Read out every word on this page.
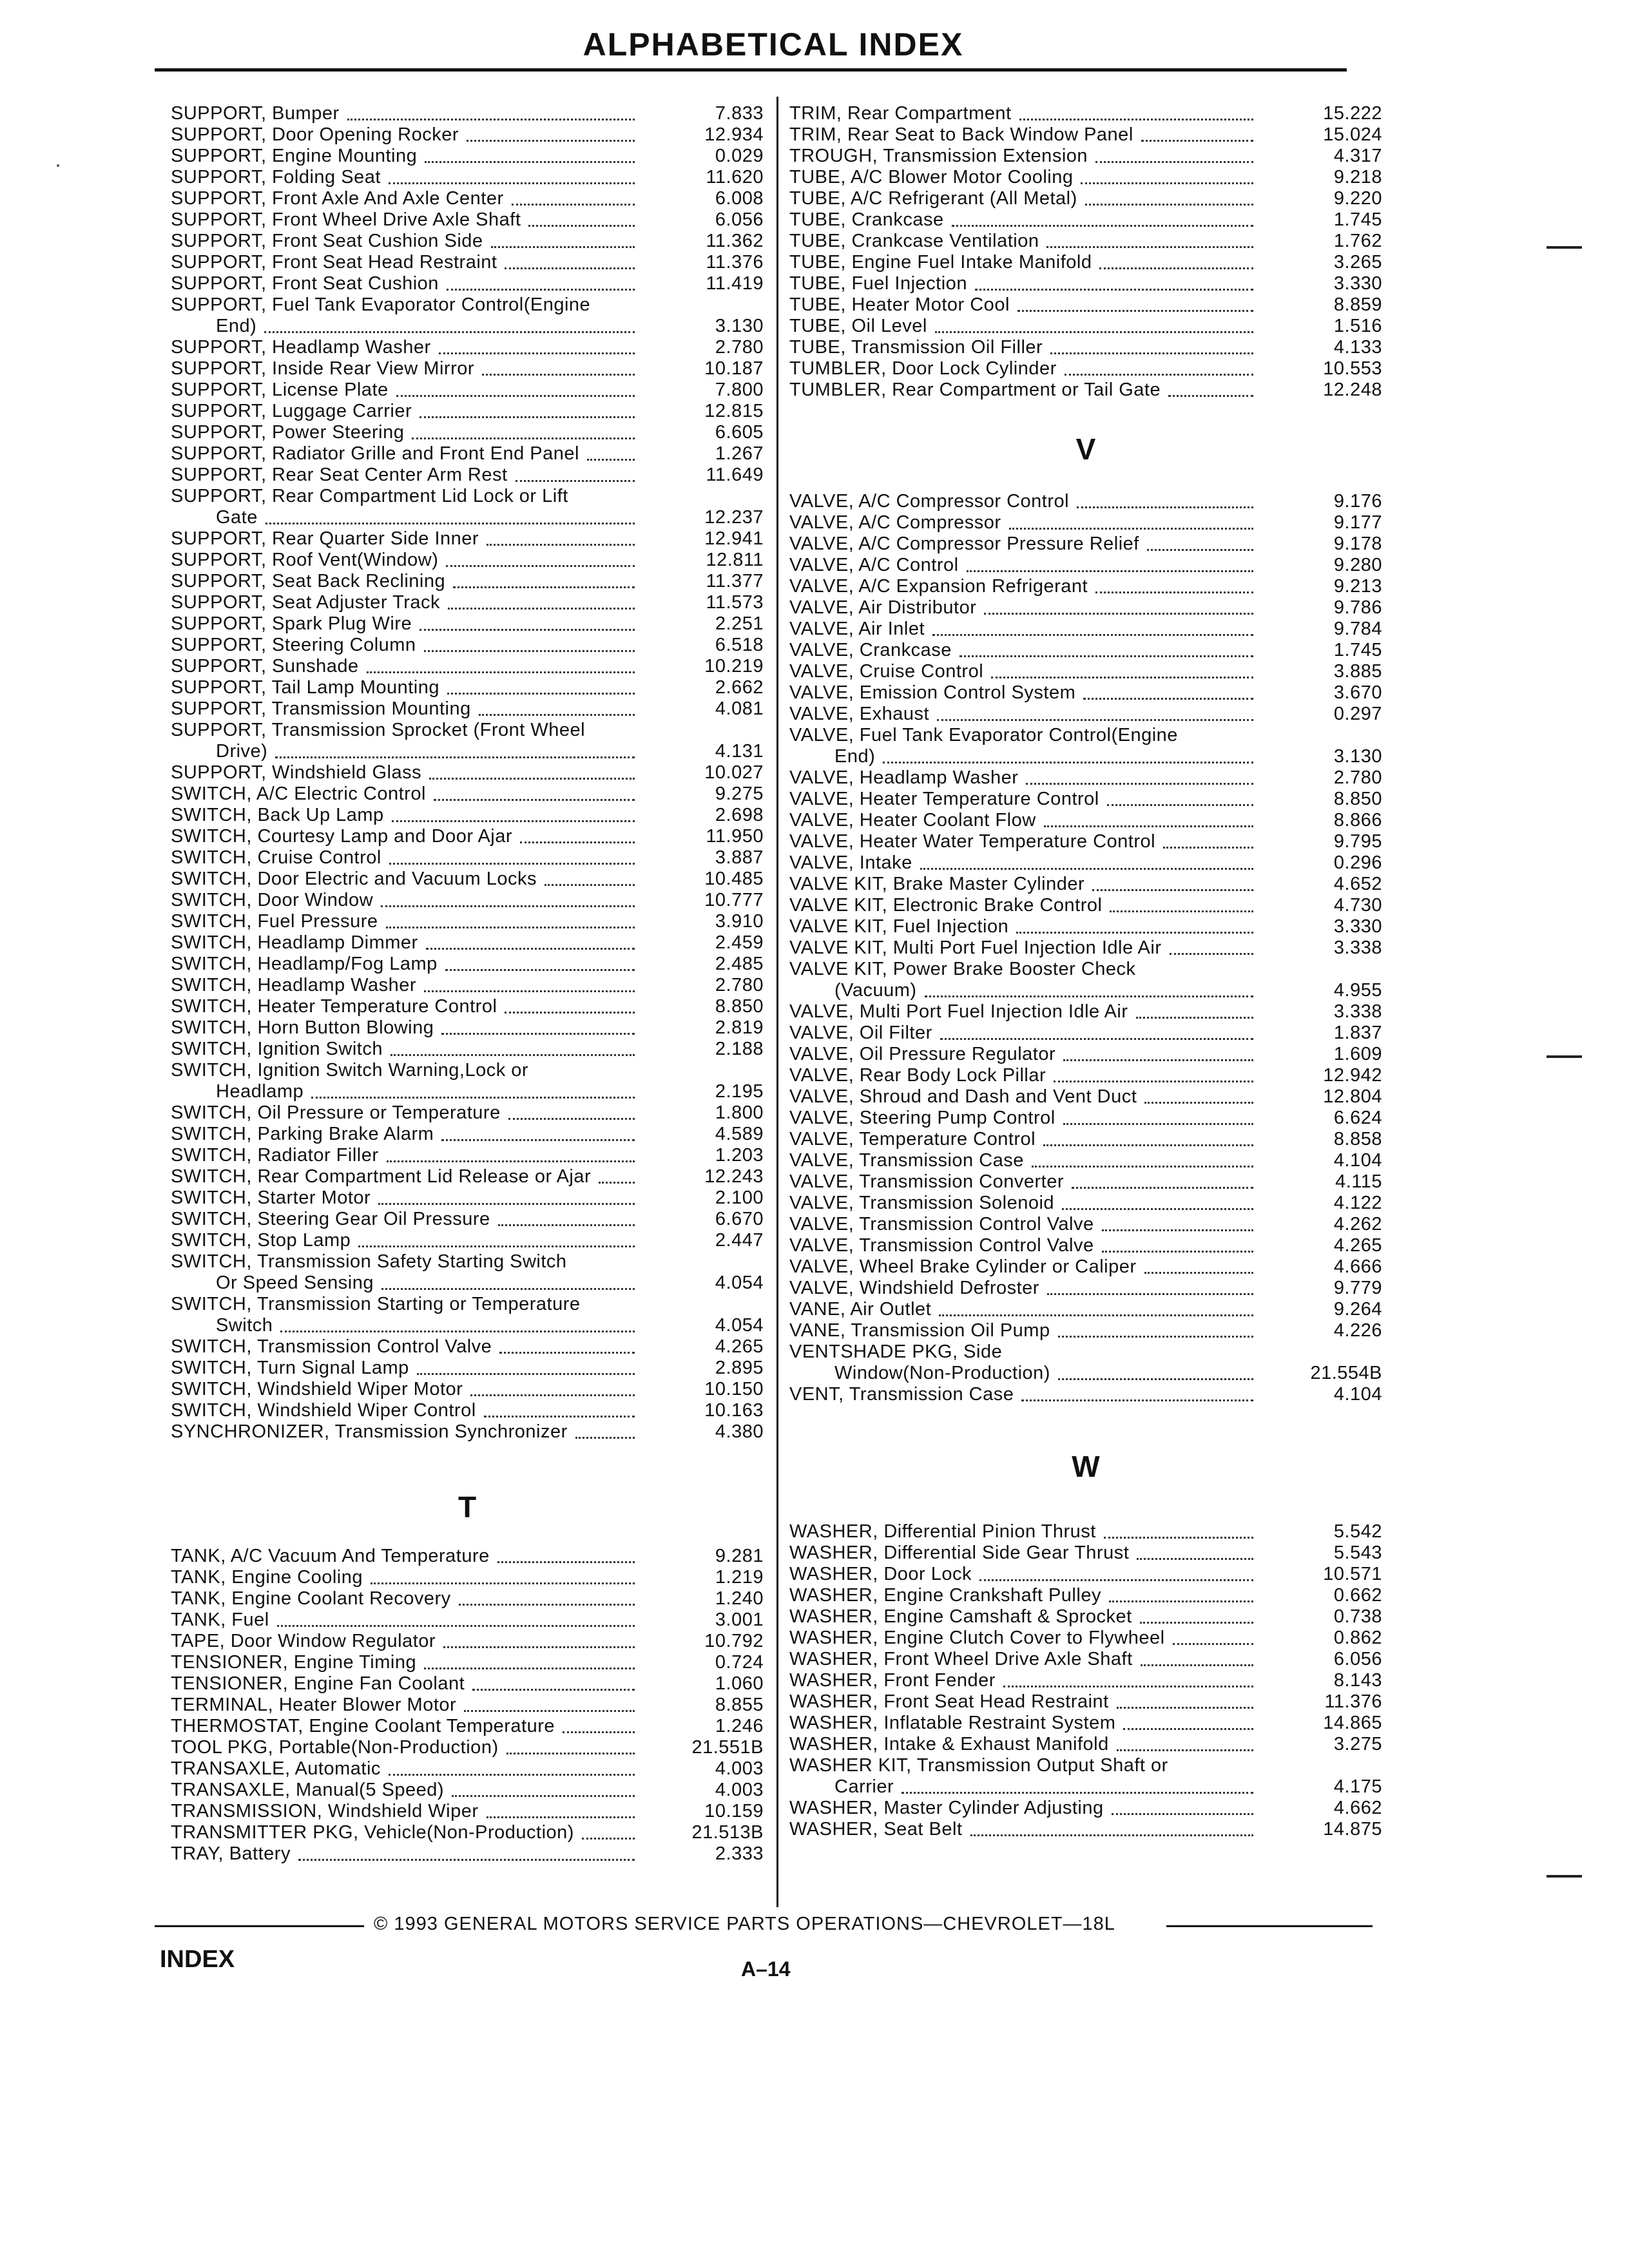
ALPHABETICAL INDEX
SUPPORT, Bumper	7.833
SUPPORT, Door Opening Rocker	12.934
SUPPORT, Engine Mounting	0.029
SUPPORT, Folding Seat	11.620
SUPPORT, Front Axle And Axle Center	6.008
SUPPORT, Front Wheel Drive Axle Shaft	6.056
SUPPORT, Front Seat Cushion Side	11.362
SUPPORT, Front Seat Head Restraint	11.376
SUPPORT, Front Seat Cushion	11.419
SUPPORT, Fuel Tank Evaporator Control(Engine
End)	3.130
SUPPORT, Headlamp Washer	2.780
SUPPORT, Inside Rear View Mirror	10.187
SUPPORT, License Plate	7.800
SUPPORT, Luggage Carrier	12.815
SUPPORT, Power Steering	6.605
SUPPORT, Radiator Grille and Front End Panel	1.267
SUPPORT, Rear Seat Center Arm Rest	11.649
SUPPORT, Rear Compartment Lid Lock or Lift
Gate	12.237
SUPPORT, Rear Quarter Side Inner	12.941
SUPPORT, Roof Vent(Window)	12.811
SUPPORT, Seat Back Reclining	11.377
SUPPORT, Seat Adjuster Track	11.573
SUPPORT, Spark Plug Wire	2.251
SUPPORT, Steering Column	6.518
SUPPORT, Sunshade	10.219
SUPPORT, Tail Lamp Mounting	2.662
SUPPORT, Transmission Mounting	4.081
SUPPORT, Transmission Sprocket (Front Wheel
Drive)	4.131
SUPPORT, Windshield Glass	10.027
SWITCH, A/C Electric Control	9.275
SWITCH, Back Up Lamp	2.698
SWITCH, Courtesy Lamp and Door Ajar	11.950
SWITCH, Cruise Control	3.887
SWITCH, Door Electric and Vacuum Locks	10.485
SWITCH, Door Window	10.777
SWITCH, Fuel Pressure	3.910
SWITCH, Headlamp Dimmer	2.459
SWITCH, Headlamp/Fog Lamp	2.485
SWITCH, Headlamp Washer	2.780
SWITCH, Heater Temperature Control	8.850
SWITCH, Horn Button Blowing	2.819
SWITCH, Ignition Switch	2.188
SWITCH, Ignition Switch Warning,Lock or
Headlamp	2.195
SWITCH, Oil Pressure or Temperature	1.800
SWITCH, Parking Brake Alarm	4.589
SWITCH, Radiator Filler	1.203
SWITCH, Rear Compartment Lid Release or Ajar	12.243
SWITCH, Starter Motor	2.100
SWITCH, Steering Gear Oil Pressure	6.670
SWITCH, Stop Lamp	2.447
SWITCH, Transmission Safety Starting Switch
Or Speed Sensing	4.054
SWITCH, Transmission Starting or Temperature
Switch	4.054
SWITCH, Transmission Control Valve	4.265
SWITCH, Turn Signal Lamp	2.895
SWITCH, Windshield Wiper Motor	10.150
SWITCH, Windshield Wiper Control	10.163
SYNCHRONIZER, Transmission Synchronizer	4.380
T
TANK, A/C Vacuum And Temperature	9.281
TANK, Engine Cooling	1.219
TANK, Engine Coolant Recovery	1.240
TANK, Fuel	3.001
TAPE, Door Window Regulator	10.792
TENSIONER, Engine Timing	0.724
TENSIONER, Engine Fan Coolant	1.060
TERMINAL, Heater Blower Motor	8.855
THERMOSTAT, Engine Coolant Temperature	1.246
TOOL PKG, Portable(Non-Production)	21.551B
TRANSAXLE, Automatic	4.003
TRANSAXLE, Manual(5 Speed)	4.003
TRANSMISSION, Windshield Wiper	10.159
TRANSMITTER PKG, Vehicle(Non-Production)	21.513B
TRAY, Battery	2.333
TRIM, Rear Compartment	15.222
TRIM, Rear Seat to Back Window Panel	15.024
TROUGH, Transmission Extension	4.317
TUBE, A/C Blower Motor Cooling	9.218
TUBE, A/C Refrigerant (All Metal)	9.220
TUBE, Crankcase	1.745
TUBE, Crankcase Ventilation	1.762
TUBE, Engine Fuel Intake Manifold	3.265
TUBE, Fuel Injection	3.330
TUBE, Heater Motor Cool	8.859
TUBE, Oil Level	1.516
TUBE, Transmission Oil Filler	4.133
TUMBLER, Door Lock Cylinder	10.553
TUMBLER, Rear Compartment or Tail Gate	12.248
V
VALVE, A/C Compressor Control	9.176
VALVE, A/C Compressor	9.177
VALVE, A/C Compressor Pressure Relief	9.178
VALVE, A/C Control	9.280
VALVE, A/C Expansion Refrigerant	9.213
VALVE, Air Distributor	9.786
VALVE, Air Inlet	9.784
VALVE, Crankcase	1.745
VALVE, Cruise Control	3.885
VALVE, Emission Control System	3.670
VALVE, Exhaust	0.297
VALVE, Fuel Tank Evaporator Control(Engine
End)	3.130
VALVE, Headlamp Washer	2.780
VALVE, Heater Temperature Control	8.850
VALVE, Heater Coolant Flow	8.866
VALVE, Heater Water Temperature Control	9.795
VALVE, Intake	0.296
VALVE KIT, Brake Master Cylinder	4.652
VALVE KIT, Electronic Brake Control	4.730
VALVE KIT, Fuel Injection	3.330
VALVE KIT, Multi Port Fuel Injection Idle Air	3.338
VALVE KIT, Power Brake Booster Check
(Vacuum)	4.955
VALVE, Multi Port Fuel Injection Idle Air	3.338
VALVE, Oil Filter	1.837
VALVE, Oil Pressure Regulator	1.609
VALVE, Rear Body Lock Pillar	12.942
VALVE, Shroud and Dash and Vent Duct	12.804
VALVE, Steering Pump Control	6.624
VALVE, Temperature Control	8.858
VALVE, Transmission Case	4.104
VALVE, Transmission Converter	4.115
VALVE, Transmission Solenoid	4.122
VALVE, Transmission Control Valve	4.262
VALVE, Transmission Control Valve	4.265
VALVE, Wheel Brake Cylinder or Caliper	4.666
VALVE, Windshield Defroster	9.779
VANE, Air Outlet	9.264
VANE, Transmission Oil Pump	4.226
VENTSHADE PKG, Side
Window(Non-Production)	21.554B
VENT, Transmission Case	4.104
W
WASHER, Differential Pinion Thrust	5.542
WASHER, Differential Side Gear Thrust	5.543
WASHER, Door Lock	10.571
WASHER, Engine Crankshaft Pulley	0.662
WASHER, Engine Camshaft & Sprocket	0.738
WASHER, Engine Clutch Cover to Flywheel	0.862
WASHER, Front Wheel Drive Axle Shaft	6.056
WASHER, Front Fender	8.143
WASHER, Front Seat Head Restraint	11.376
WASHER, Inflatable Restraint System	14.865
WASHER, Intake & Exhaust Manifold	3.275
WASHER KIT, Transmission Output Shaft or
Carrier	4.175
WASHER, Master Cylinder Adjusting	4.662
WASHER, Seat Belt	14.875
© 1993 GENERAL MOTORS SERVICE PARTS OPERATIONS—CHEVROLET—18L
INDEX	A–14
